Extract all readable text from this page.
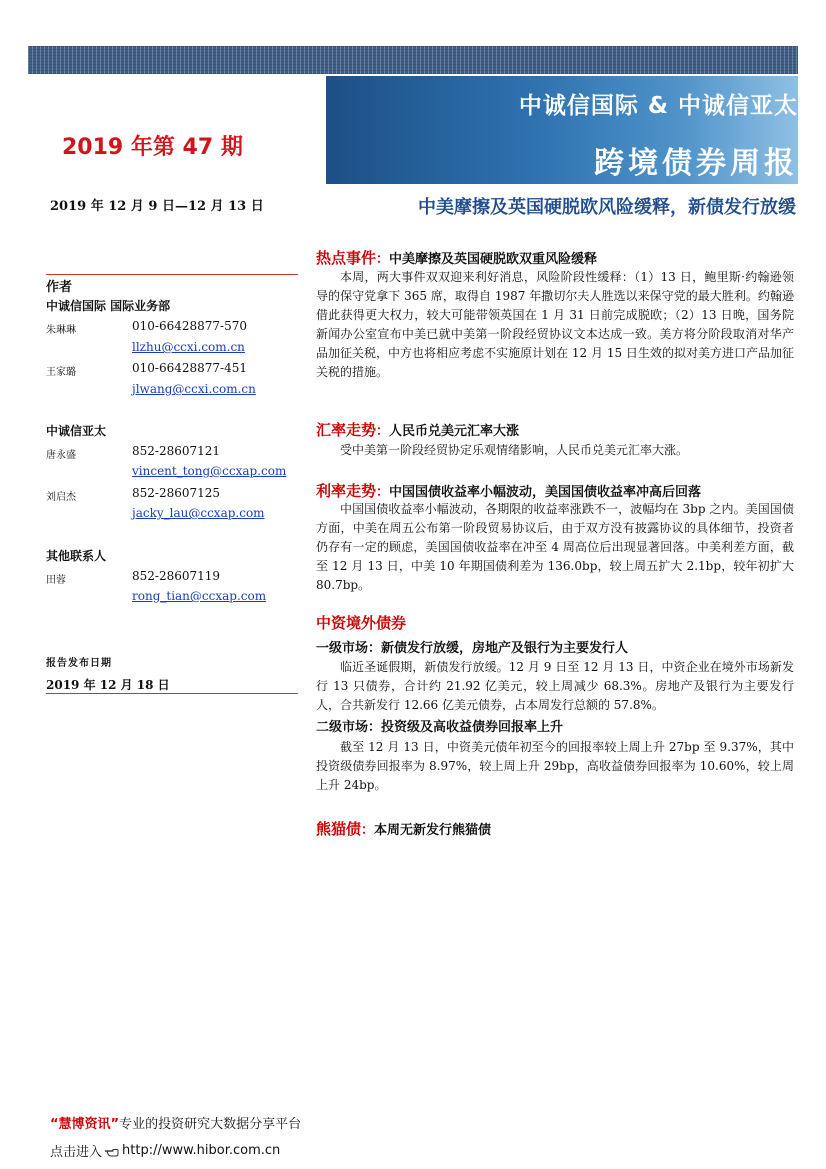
中诚信国际 & 中诚信亚太
跨境债券周报
2019 年第 47 期
2019 年 12 月 9 日—12 月 13 日	中美摩擦及英国硬脱欧风险缓释，新债发行放缓
作者
中诚信国际 国际业务部
朱琳琳	010-66428877-570
llzhu@ccxi.com.cn
王家璐	010-66428877-451
jlwang@ccxi.com.cn
中诚信亚太
唐永盛	852-28607121
vincent_tong@ccxap.com
刘启杰	852-28607125
jacky_lau@ccxap.com
其他联系人
田蓉	852-28607119
rong_tian@ccxap.com
报告发布日期
2019 年 12 月 18 日
热点事件：中美摩擦及英国硬脱欧双重风险缓释
本周，两大事件双双迎来利好消息，风险阶段性缓释：（1）13 日，鲍里斯·约翰逊领导的保守党拿下 365 席，取得自 1987 年撒切尔夫人胜选以来保守党的最大胜利。约翰逊借此获得更大权力，较大可能带领英国在 1 月 31 日前完成脱欧；（2）13 日晚，国务院新闻办公室宣布中美已就中美第一阶段经贸协议文本达成一致。美方将分阶段取消对华产品加征关税，中方也将相应考虑不实施原计划在 12 月 15 日生效的拟对美方进口产品加征关税的措施。
汇率走势：人民币兑美元汇率大涨
受中美第一阶段经贸协定乐观情绪影响，人民币兑美元汇率大涨。
利率走势：中国国债收益率小幅波动，美国国债收益率冲高后回落
中国国债收益率小幅波动，各期限的收益率涨跌不一，波幅均在 3bp 之内。美国国债方面，中美在周五公布第一阶段贸易协议后，由于双方没有披露协议的具体细节，投资者仍存有一定的顾虑，美国国债收益率在冲至 4 周高位后出现显著回落。中美利差方面，截至 12 月 13 日，中美 10 年期国债利差为 136.0bp，较上周五扩大 2.1bp，较年初扩大 80.7bp。
中资境外债券
一级市场：新债发行放缓，房地产及银行为主要发行人
临近圣诞假期，新债发行放缓。12 月 9 日至 12 月 13 日，中资企业在境外市场新发行 13 只债券，合计约 21.92 亿美元，较上周减少 68.3%。房地产及银行为主要发行人，合共新发行 12.66 亿美元债券，占本周发行总额的 57.8%。
二级市场：投资级及高收益债券回报率上升
截至 12 月 13 日，中资美元债年初至今的回报率较上周上升 27bp 至 9.37%，其中投资级债券回报率为 8.97%，较上周上升 29bp，高收益债券回报率为 10.60%，较上周上升 24bp。
熊猫债：本周无新发行熊猫债
“慧博资讯”专业的投资研究大数据分享平台
点击进入 http://www.hibor.com.cn
